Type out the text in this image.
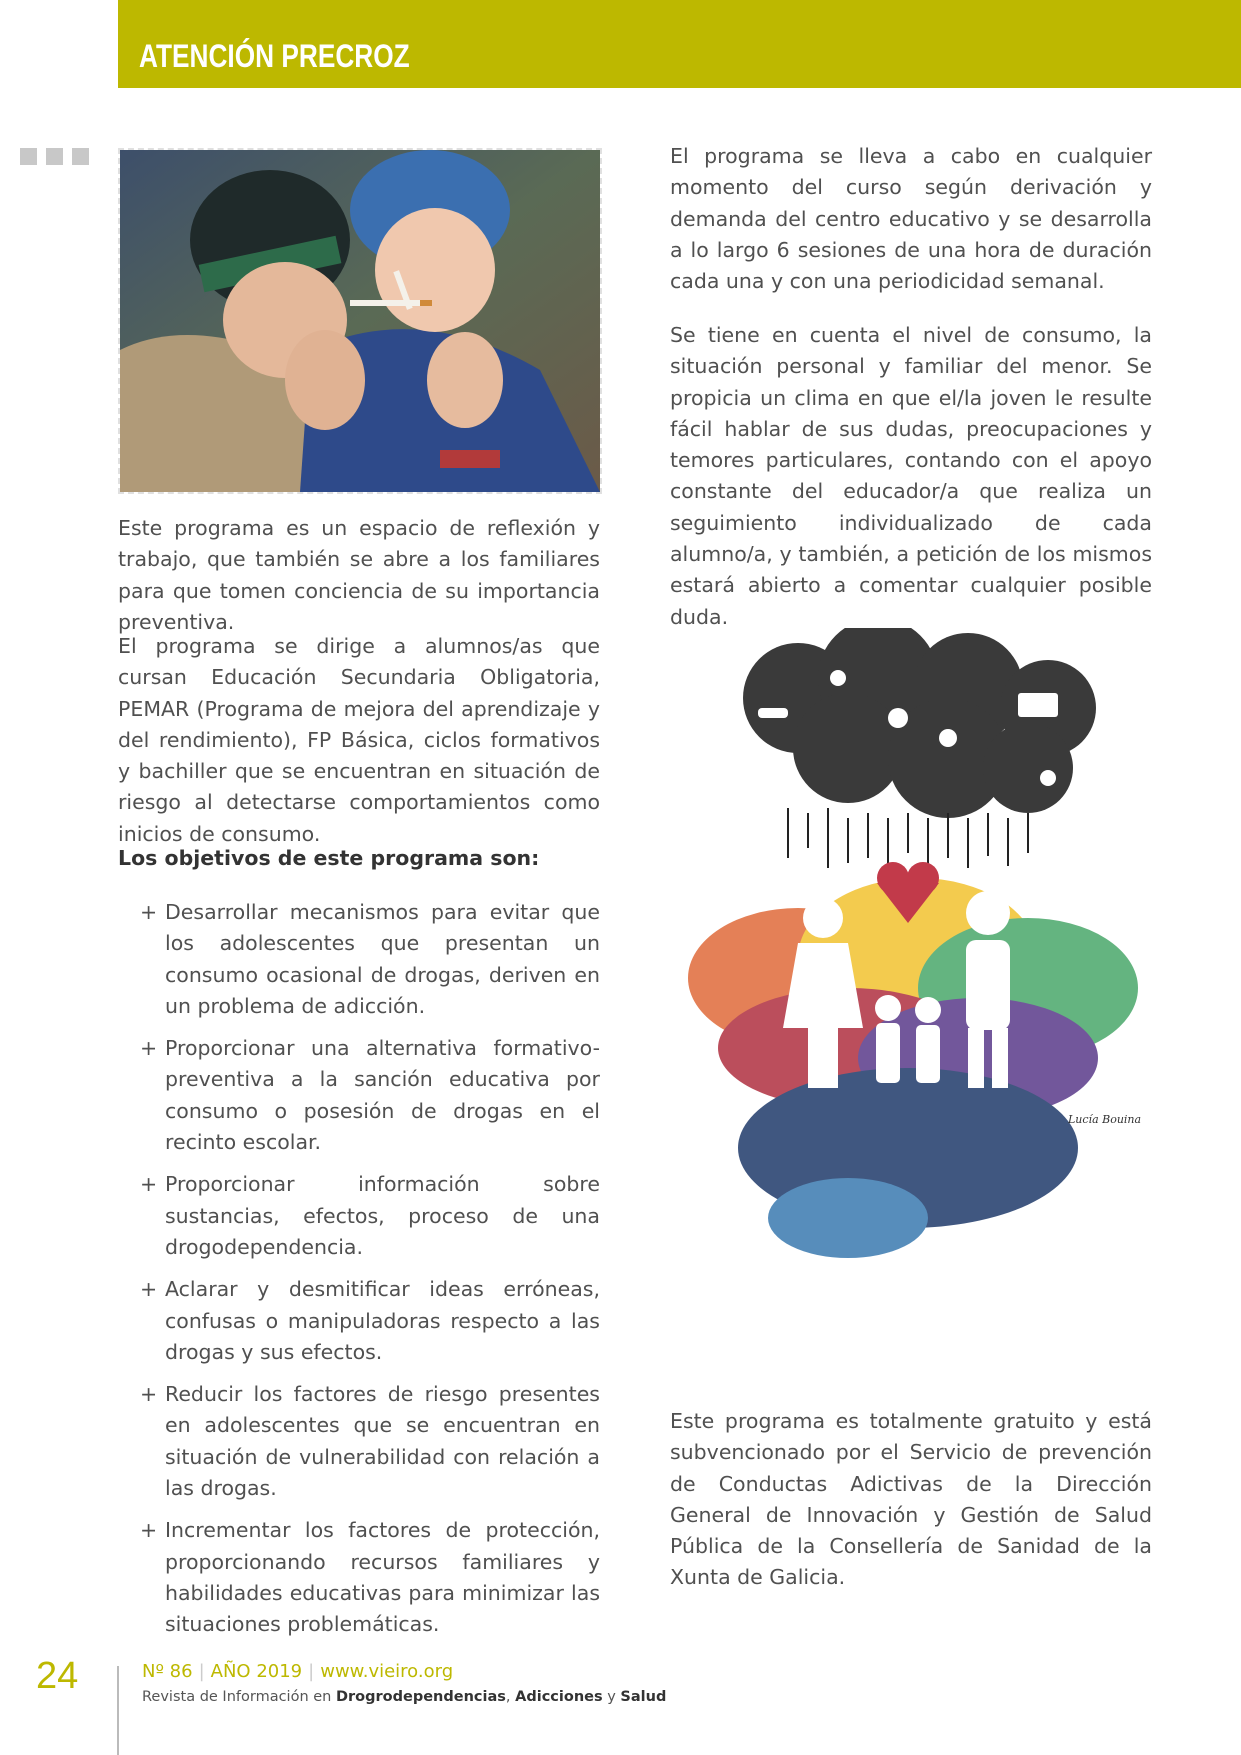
ATENCIÓN PRECROZ
Este programa es un espacio de reflexión y trabajo, que también se abre a los familiares para que tomen conciencia de su importancia preventiva.
El programa se dirige a alumnos/as que cursan Educación Secundaria Obligatoria, PEMAR (Programa de mejora del aprendizaje y del rendimiento), FP Básica, ciclos formativos y bachiller que se encuentran en situación de riesgo al detectarse comportamientos como inicios de consumo.
Los objetivos de este programa son:
+ Desarrollar mecanismos para evitar que los adolescentes que presentan un consumo ocasional de drogas, deriven en un problema de adicción.
+ Proporcionar una alternativa formativo-preventiva a la sanción educativa por consumo o posesión de drogas en el recinto escolar.
+ Proporcionar información sobre sustancias, efectos, proceso de una drogodependencia.
+ Aclarar y desmitificar ideas erróneas, confusas o manipuladoras respecto a las drogas y sus efectos.
+ Reducir los factores de riesgo presentes en adolescentes que se encuentran en situación de vulnerabilidad con relación a las drogas.
+ Incrementar los factores de protección, proporcionando recursos familiares y habilidades educativas para minimizar las situaciones problemáticas.
El programa se lleva a cabo en cualquier momento del curso según derivación y demanda del centro educativo y se desarrolla a lo largo 6 sesiones de una hora de duración cada una y con una periodicidad semanal.
Se tiene en cuenta el nivel de consumo, la situación personal y familiar del menor. Se propicia un clima en que el/la joven le resulte fácil hablar de sus dudas, preocupaciones y temores particulares, contando con el apoyo constante del educador/a que realiza un seguimiento individualizado de cada alumno/a, y también, a petición de los mismos estará abierto a comentar cualquier posible duda.
Este programa es totalmente gratuito y está subvencionado por el Servicio de prevención de Conductas Adictivas de la Dirección General de Innovación y Gestión de Salud Pública de la Consellería de Sanidad de la Xunta de Galicia.
Lucía Bouina
24	Nº 86 | AÑO 2019 | www.vieiro.org
Revista de Información en Drogrodependencias, Adicciones y Salud
